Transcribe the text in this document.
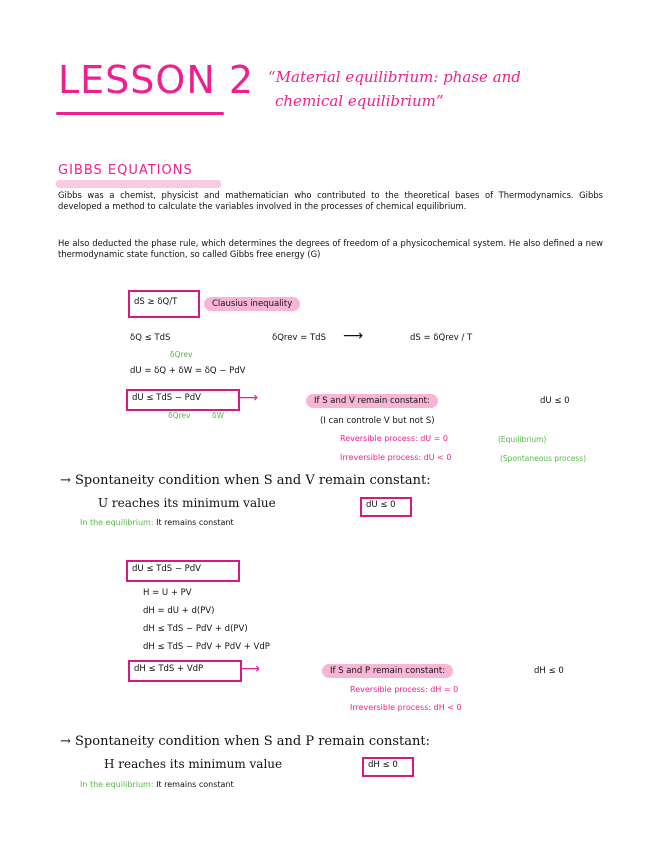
LESSON 2 “Material equilibrium: phase and
chemical equilibrium”
GIBBS EQUATIONS
Gibbs was a chemist, physicist and mathematician who contributed to the theoretical bases of Thermodynamics. Gibbs developed a method to calculate the variables involved in the processes of chemical equilibrium.
He also deducted the phase rule, which determines the degrees of freedom of a physicochemical system. He also defined a new thermodynamic state function, so called Gibbs free energy (G)
dS ≥ δQ/T	Clausius inequality
δQ ≤ TdS
δQrev
δQrev = TdS ⟶	dS = δQrev / T
dU = δQ + δW = δQ − PdV
dU ≤ TdS − PdV
δQrev	δW
⟶	If S and V remain constant:	dU ≤ 0
(I can controle V but not S)
Reversible process: dU = 0	(Equilibrium)
Irreversible process: dU < 0	(Spontaneous process)
→ Spontaneity condition when S and V remain constant:
U reaches its minimum value	dU ≤ 0
In the equilibrium: It remains constant
dU ≤ TdS − PdV
H = U + PV
dH = dU + d(PV)
dH ≤ TdS − PdV + d(PV)
dH ≤ TdS − PdV + PdV + VdP
dH ≤ TdS + VdP	⟶	If S and P remain constant:	dH ≤ 0
Reversible process: dH = 0
Irreversible process: dH < 0
→ Spontaneity condition when S and P remain constant:
H reaches its minimum value	dH ≤ 0
In the equilibrium: It remains constant
